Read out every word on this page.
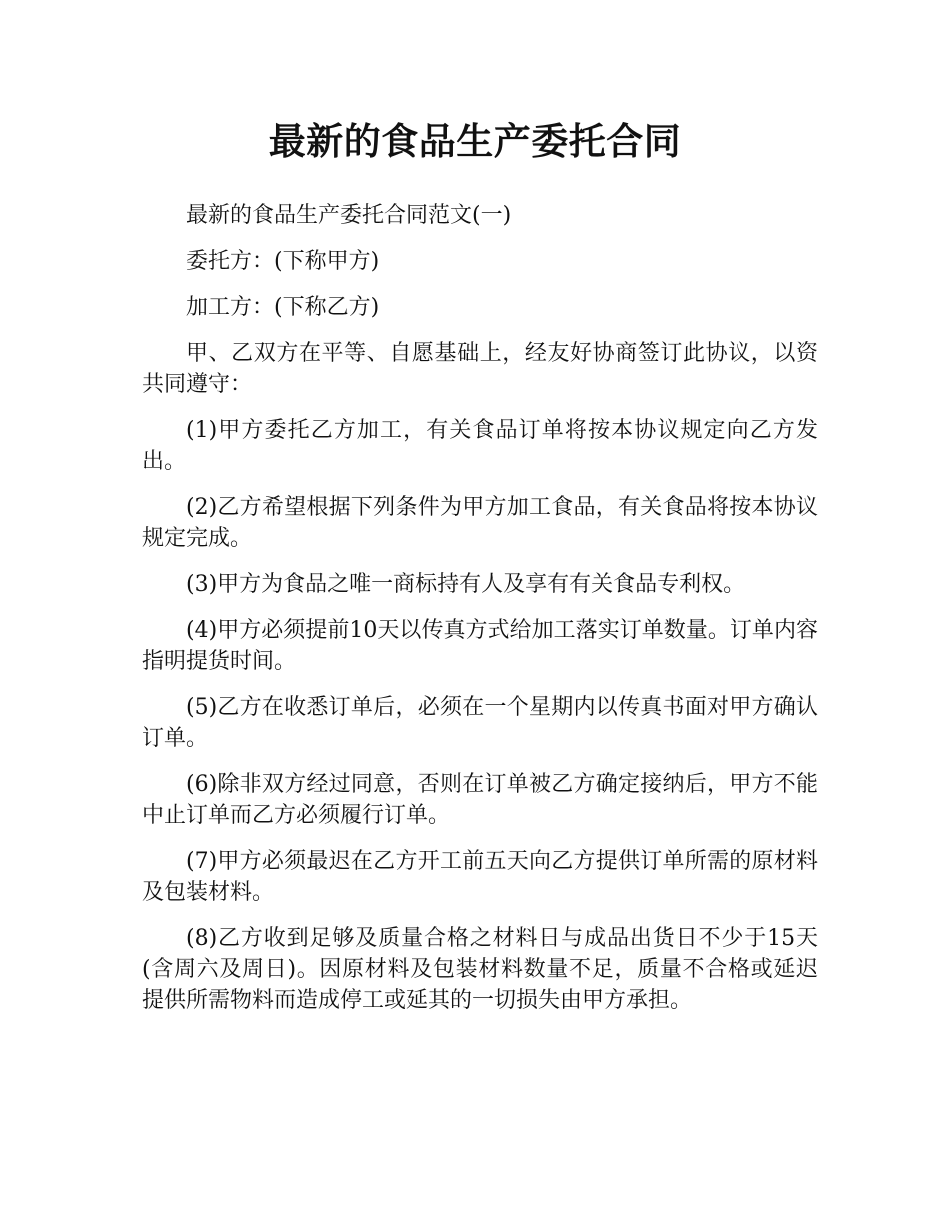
最新的食品生产委托合同

最新的食品生产委托合同范文(一)

委托方：(下称甲方)

加工方：(下称乙方)

甲、乙双方在平等、自愿基础上，经友好协商签订此协议，以资共同遵守：

(1)甲方委托乙方加工，有关食品订单将按本协议规定向乙方发出。

(2)乙方希望根据下列条件为甲方加工食品，有关食品将按本协议规定完成。

(3)甲方为食品之唯一商标持有人及享有有关食品专利权。

(4)甲方必须提前10天以传真方式给加工落实订单数量。订单内容指明提货时间。

(5)乙方在收悉订单后，必须在一个星期内以传真书面对甲方确认订单。

(6)除非双方经过同意，否则在订单被乙方确定接纳后，甲方不能中止订单而乙方必须履行订单。

(7)甲方必须最迟在乙方开工前五天向乙方提供订单所需的原材料及包装材料。

(8)乙方收到足够及质量合格之材料日与成品出货日不少于15天(含周六及周日)。因原材料及包装材料数量不足，质量不合格或延迟提供所需物料而造成停工或延其的一切损失由甲方承担。
